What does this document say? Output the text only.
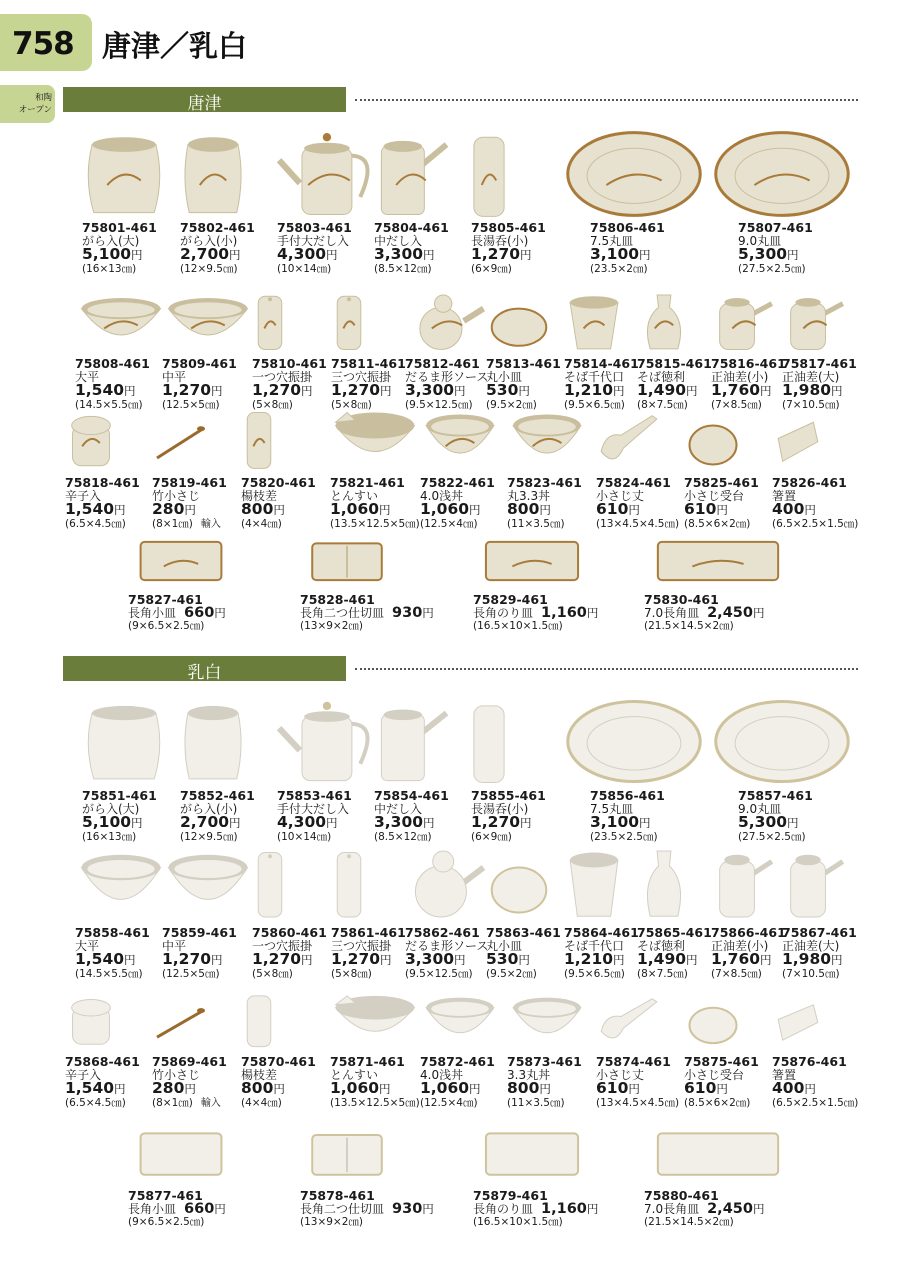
758 唐津／乳白
和陶
オープン	唐津
乳白
75801-461
がら入(大)
5,100円
(16×13㎝)
75802-461
がら入(小)
2,700円
(12×9.5㎝)
75803-461
手付大だし入
4,300円
(10×14㎝)
75804-461
中だし入
3,300円
(8.5×12㎝)
75805-461
長湯呑(小)
1,270円
(6×9㎝)
75806-461
7.5丸皿
3,100円
(23.5×2㎝)
75807-461
9.0丸皿
5,300円
(27.5×2.5㎝)
75808-461
大平
1,540円
(14.5×5.5㎝)
75809-461
中平
1,270円
(12.5×5㎝)
75810-461
一つ穴振掛
1,270円
(5×8㎝)
75811-461
三つ穴振掛
1,270円
(5×8㎝)
75812-461
だるま形ソース
3,300円
(9.5×12.5㎝)
75813-461
丸小皿
530円
(9.5×2㎝)
75814-461
そば千代口
1,210円
(9.5×6.5㎝)
75815-461
そば徳利
1,490円
(8×7.5㎝)
75816-461
正油差(小)
1,760円
(7×8.5㎝)
75817-461
正油差(大)
1,980円
(7×10.5㎝)
75818-461
辛子入
1,540円
(6.5×4.5㎝)
75819-461
竹小さじ
280円
(8×1㎝) 輸入
75820-461
楊枝差
800円
(4×4㎝)
75821-461
とんすい
1,060円
(13.5×12.5×5㎝)
75822-461
4.0浅丼
1,060円
(12.5×4㎝)
75823-461
丸3.3丼
800円
(11×3.5㎝)
75824-461
小さじ丈
610円
(13×4.5×4.5㎝)
75825-461
小さじ受台
610円
(8.5×6×2㎝)
75826-461
箸置
400円
(6.5×2.5×1.5㎝)
75827-461
長角小皿 660円
(9×6.5×2.5㎝)
75828-461
長角二つ仕切皿 930円
(13×9×2㎝)
75829-461
長角のり皿 1,160円
(16.5×10×1.5㎝)
75830-461
7.0長角皿 2,450円
(21.5×14.5×2㎝)
75851-461
がら入(大)
5,100円
(16×13㎝)
75852-461
がら入(小)
2,700円
(12×9.5㎝)
75853-461
手付大だし入
4,300円
(10×14㎝)
75854-461
中だし入
3,300円
(8.5×12㎝)
75855-461
長湯呑(小)
1,270円
(6×9㎝)
75856-461
7.5丸皿
3,100円
(23.5×2.5㎝)
75857-461
9.0丸皿
5,300円
(27.5×2.5㎝)
75858-461
大平
1,540円
(14.5×5.5㎝)
75859-461
中平
1,270円
(12.5×5㎝)
75860-461
一つ穴振掛
1,270円
(5×8㎝)
75861-461
三つ穴振掛
1,270円
(5×8㎝)
75862-461
だるま形ソース
3,300円
(9.5×12.5㎝)
75863-461
丸小皿
530円
(9.5×2㎝)
75864-461
そば千代口
1,210円
(9.5×6.5㎝)
75865-461
そば徳利
1,490円
(8×7.5㎝)
75866-461
正油差(小)
1,760円
(7×8.5㎝)
75867-461
正油差(大)
1,980円
(7×10.5㎝)
75868-461
辛子入
1,540円
(6.5×4.5㎝)
75869-461
竹小さじ
280円
(8×1㎝) 輸入
75870-461
楊枝差
800円
(4×4㎝)
75871-461
とんすい
1,060円
(13.5×12.5×5㎝)
75872-461
4.0浅丼
1,060円
(12.5×4㎝)
75873-461
3.3丸丼
800円
(11×3.5㎝)
75874-461
小さじ丈
610円
(13×4.5×4.5㎝)
75875-461
小さじ受台
610円
(8.5×6×2㎝)
75876-461
箸置
400円
(6.5×2.5×1.5㎝)
75877-461
長角小皿 660円
(9×6.5×2.5㎝)
75878-461
長角二つ仕切皿 930円
(13×9×2㎝)
75879-461
長角のり皿 1,160円
(16.5×10×1.5㎝)
75880-461
7.0長角皿 2,450円
(21.5×14.5×2㎝)
